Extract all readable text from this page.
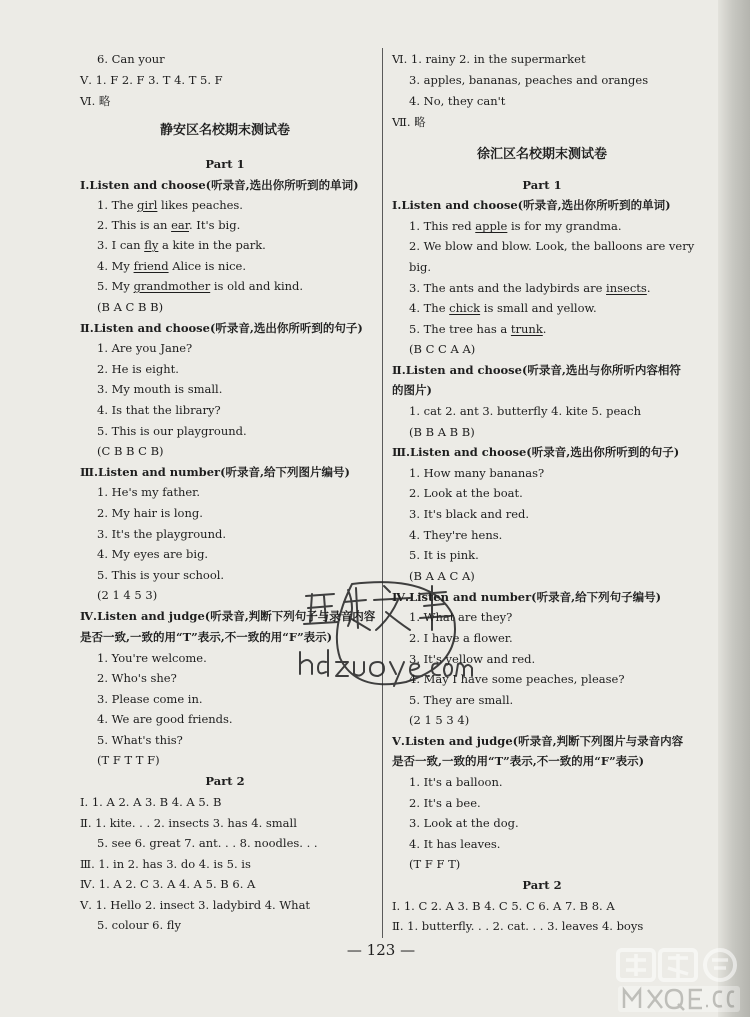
6. Can your
Ⅴ. 1. F 2. F 3. T 4. T 5. F
Ⅵ. 略
静安区名校期末测试卷
Part 1
Ⅰ.Listen and choose(听录音,选出你所听到的单词)
1. The girl likes peaches.
2. This is an ear. It's big.
3. I can fly a kite in the park.
4. My friend Alice is nice.
5. My grandmother is old and kind.
(B A C B B)
Ⅱ.Listen and choose(听录音,选出你所听到的句子)
1. Are you Jane?
2. He is eight.
3. My mouth is small.
4. Is that the library?
5. This is our playground.
(C B B C B)
Ⅲ.Listen and number(听录音,给下列图片编号)
1. He's my father.
2. My hair is long.
3. It's the playground.
4. My eyes are big.
5. This is your school.
(2 1 4 5 3)
Ⅳ.Listen and judge(听录音,判断下列句子与录音内容
是否一致,一致的用“T”表示,不一致的用“F”表示)
1. You're welcome.
2. Who's she?
3. Please come in.
4. We are good friends.
5. What's this?
(T F T T F)
Part 2
Ⅰ. 1. A 2. A 3. B 4. A 5. B
Ⅱ. 1. kite. . . 2. insects 3. has 4. small
5. see 6. great 7. ant. . . 8. noodles. . .
Ⅲ. 1. in 2. has 3. do 4. is 5. is
Ⅳ. 1. A 2. C 3. A 4. A 5. B 6. A
Ⅴ. 1. Hello 2. insect 3. ladybird 4. What
5. colour 6. fly
Ⅵ. 1. rainy 2. in the supermarket
3. apples, bananas, peaches and oranges
4. No, they can't
Ⅶ. 略
徐汇区名校期末测试卷
Part 1
Ⅰ.Listen and choose(听录音,选出你所听到的单词)
1. This red apple is for my grandma.
2. We blow and blow. Look, the balloons are very
big.
3. The ants and the ladybirds are insects.
4. The chick is small and yellow.
5. The tree has a trunk.
(B C C A A)
Ⅱ.Listen and choose(听录音,选出与你所听内容相符
的图片)
1. cat 2. ant 3. butterfly 4. kite 5. peach
(B B A B B)
Ⅲ.Listen and choose(听录音,选出你所听到的句子)
1. How many bananas?
2. Look at the boat.
3. It's black and red.
4. They're hens.
5. It is pink.
(B A A C A)
Ⅳ.Listen and number(听录音,给下列句子编号)
1. What are they?
2. I have a flower.
3. It's yellow and red.
4. May I have some peaches, please?
5. They are small.
(2 1 5 3 4)
Ⅴ.Listen and judge(听录音,判断下列图片与录音内容
是否一致,一致的用“T”表示,不一致的用“F”表示)
1. It's a balloon.
2. It's a bee.
3. Look at the dog.
4. It has leaves.
(T F F T)
Part 2
Ⅰ. 1. C 2. A 3. B 4. C 5. C 6. A 7. B 8. A
Ⅱ. 1. butterfly. . . 2. cat. . . 3. leaves 4. boys
— 123 —
